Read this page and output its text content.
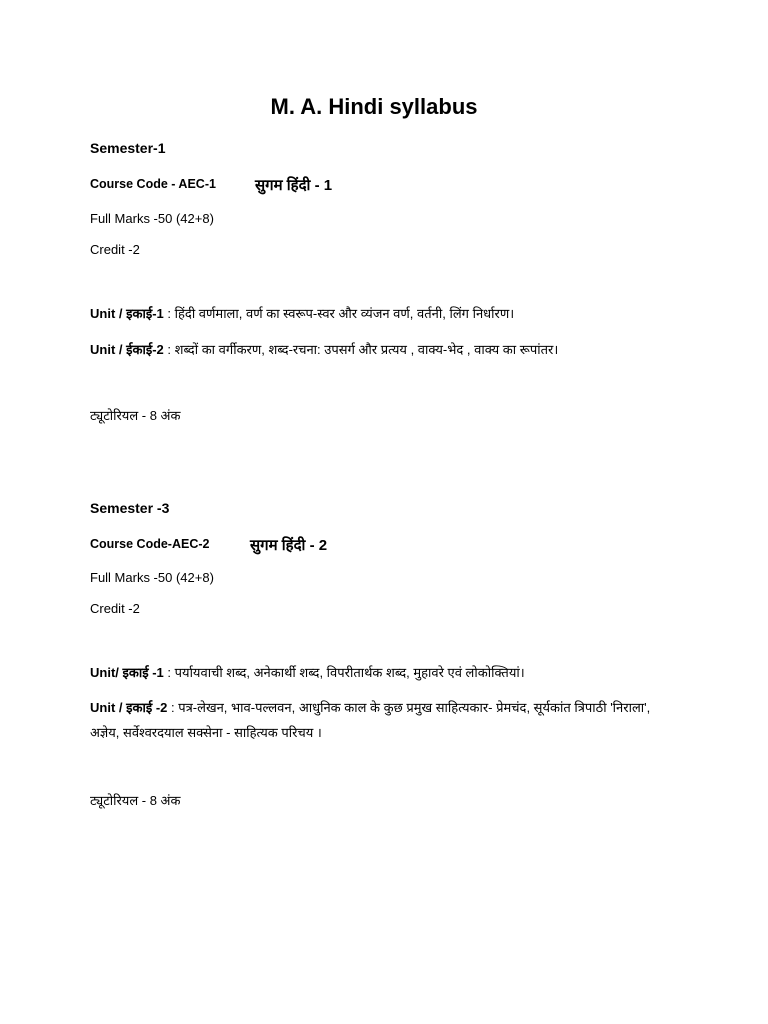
M. A. Hindi syllabus
Semester-1
Course Code - AEC-1	सुगम हिंदी - 1
Full Marks -50 (42+8)
Credit -2
Unit / इकाई-1 : हिंदी वर्णमाला, वर्ण का स्वरूप-स्वर और व्यंजन वर्ण, वर्तनी, लिंग निर्धारण।
Unit / ईकाई-2 : शब्दों का वर्गीकरण, शब्द-रचना: उपसर्ग और प्रत्यय , वाक्य-भेद , वाक्य का रूपांतर।
ट्यूटोरियल - 8 अंक
Semester -3
Course Code-AEC-2	सुगम हिंदी - 2
Full Marks -50 (42+8)
Credit -2
Unit/ इकाई -1 : पर्यायवाची शब्द, अनेकार्थी शब्द, विपरीतार्थक शब्द, मुहावरे एवं लोकोक्तियां।
Unit / इकाई -2 : पत्र-लेखन, भाव-पल्लवन, आधुनिक काल के कुछ प्रमुख साहित्यकार- प्रेमचंद, सूर्यकांत त्रिपाठी 'निराला', अज्ञेय, सर्वेश्वरदयाल सक्सेना - साहित्यक परिचय ।
ट्यूटोरियल - 8 अंक
